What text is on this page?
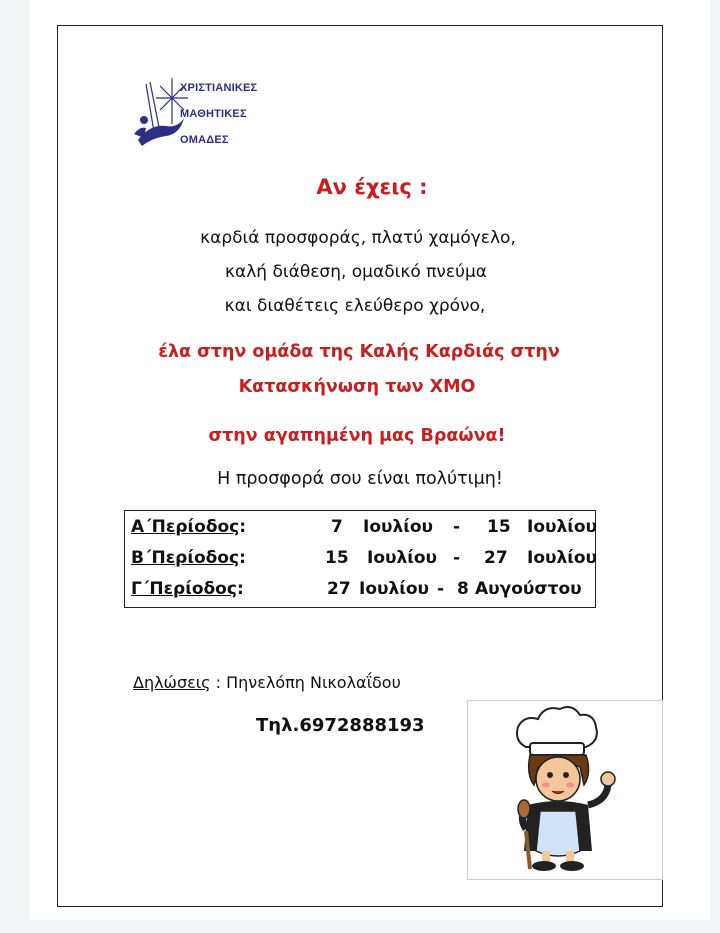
ΧΡΙΣΤΙΑΝΙΚΕΣ
ΜΑΘΗΤΙΚΕΣ
ΟΜΑΔΕΣ
Αν έχεις :
καρδιά προσφοράς, πλατύ χαμόγελο,
καλή διάθεση, ομαδικό πνεύμα
και διαθέτεις ελεύθερο χρόνο,
έλα στην ομάδα της Καλής Καρδιάς στην
Κατασκήνωση των ΧΜΟ
στην αγαπημένη μας Βραώνα!
Η προσφορά σου είναι πολύτιμη!
Α΄Περίοδος:	7 Ιουλίου - 15 Ιουλίου
Β΄Περίοδος:	15 Ιουλίου - 27 Ιουλίου
Γ΄Περίοδος:	27 Ιουλίου - 8 Αυγούστου
Δηλώσεις : Πηνελόπη Νικολαΐδου
Τηλ.6972888193
